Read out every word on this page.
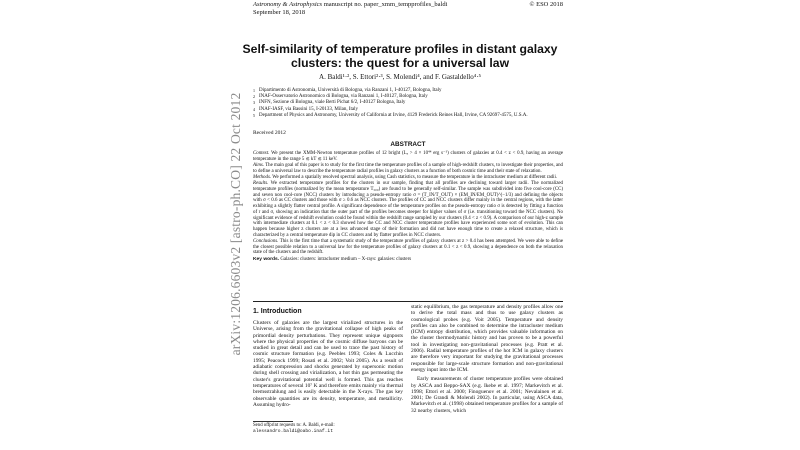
Astronomy & Astrophysics manuscript no. paper_xmm_tempprofiles_baldi
September 18, 2018
© ESO 2018
arXiv:1206.6603v2 [astro-ph.CO] 22 Oct 2012
Self-similarity of temperature profiles in distant galaxy clusters: the quest for a universal law
A. Baldi¹·², S. Ettori²·³, S. Molendi⁴, and F. Gastaldello⁴·⁵
1 Dipartimento di Astronomia, Università di Bologna, via Ranzani 1, I-40127, Bologna, Italy
2 INAF-Osservatorio Astronomico di Bologna, via Ranzani 1, I-40127, Bologna, Italy
3 INFN, Sezione di Bologna, viale Berti Pichat 6/2, I-40127 Bologna, Italy
4 INAF-IASF, via Bassini 15, I-20133, Milan, Italy
5 Department of Physics and Astronomy, University of California at Irvine, 4129 Frederick Reines Hall, Irvine, CA 92697-4575, U.S.A.
Received 2012
ABSTRACT

Context. We present the XMM-Newton temperature profiles of 12 bright (Lₓ > 4 × 10⁴⁴ erg s⁻¹) clusters of galaxies at 0.4 < z < 0.9, having an average temperature in the range 5 ≲ kT ≲ 11 keV.

Aims. The main goal of this paper is to study for the first time the temperature profiles of a sample of high-redshift clusters, to investigate their properties, and to define a universal law to describe the temperature radial profiles in galaxy clusters as a function of both cosmic time and their state of relaxation.

Methods. We performed a spatially resolved spectral analysis, using Cash statistics, to measure the temperature in the intracluster medium at different radii.

Results. We extracted temperature profiles for the clusters in our sample, finding that all profiles are declining toward larger radii. The normalized temperature profiles (normalized by the mean temperature T₅₀₀) are found to be generally self-similar. The sample was subdivided into five cool-core (CC) and seven non cool-core (NCC) clusters by introducing a pseudo-entropy ratio σ = (T_IN/T_OUT) × (EM_IN/EM_OUT)^(−1/3) and defining the objects with σ < 0.6 as CC clusters and those with σ ≥ 0.6 as NCC clusters. The profiles of CC and NCC clusters differ mainly in the central regions, with the latter exhibiting a slightly flatter central profile. A significant dependence of the temperature profiles on the pseudo-entropy ratio σ is detected by fitting a function of r and σ, showing an indication that the outer part of the profiles becomes steeper for higher values of σ (i.e. transitioning toward the NCC clusters). No significant evidence of redshift evolution could be found within the redshift range sampled by our clusters (0.4 < z < 0.9). A comparison of our high-z sample with intermediate clusters at 0.1 < z < 0.3 showed how the CC and NCC cluster temperature profiles have experienced some sort of evolution. This can happen because higher z clusters are at a less advanced stage of their formation and did not have enough time to create a relaxed structure, which is characterized by a central temperature dip in CC clusters and by flatter profiles in NCC clusters.

Conclusions. This is the first time that a systematic study of the temperature profiles of galaxy clusters at z > 0.4 has been attempted. We were able to define the closest possible relation to a universal law for the temperature profiles of galaxy clusters at 0.1 < z < 0.9, showing a dependence on both the relaxation state of the clusters and the redshift.

Key words. Galaxies: clusters: intracluster medium – X-rays: galaxies: clusters

1. Introduction

Clusters of galaxies are the largest virialized structures in the Universe, arising from the gravitational collapse of high peaks of primordial density perturbations. They represent unique signposts where the physical properties of the cosmic diffuse baryons can be studied in great detail and can be used to trace the past history of cosmic structure formation (e.g. Peebles 1993; Coles & Lucchin 1995; Peacock 1999; Rosati et al. 2002; Voit 2005). As a result of adiabatic compression and shocks generated by supersonic motion during shell crossing and virialization, a hot thin gas permeating the cluster's gravitational potential well is formed. This gas reaches temperatures of several 10⁷ K and therefore emits mainly via thermal bremsstrahlung and is easily detectable in the X-rays. The gas key observable quantities are its density, temperature, and metallicity. Assuming hydro-

static equilibrium, the gas temperature and density profiles allow one to derive the total mass and thus to use galaxy clusters as cosmological probes (e.g. Voit 2005). Temperature and density profiles can also be combined to determine the intracluster medium (ICM) entropy distribution, which provides valuable information on the cluster thermodynamic history and has proven to be a powerful tool in investigating non-gravitational processes (e.g. Pratt et al. 2006). Radial temperature profiles of the hot ICM in galaxy clusters are therefore very important for studying the gravitational processes responsible for large-scale structure formation and non-gravitational energy input into the ICM.

Early measurements of cluster temperature profiles were obtained by ASCA and Beppo-SAX (e.g. Ikebe et al. 1997; Markevitch et al. 1998; Ettori et al. 2000; Finoguenov et al. 2001; Nevalainen et al. 2001; De Grandi & Molendi 2002). In particular, using ASCA data, Markevitch et al. (1998) obtained temperature profiles for a sample of 32 nearby clusters, which

Send offprint requests to: A. Baldi, e-mail:
alessandro.baldi@oabo.inaf.it
